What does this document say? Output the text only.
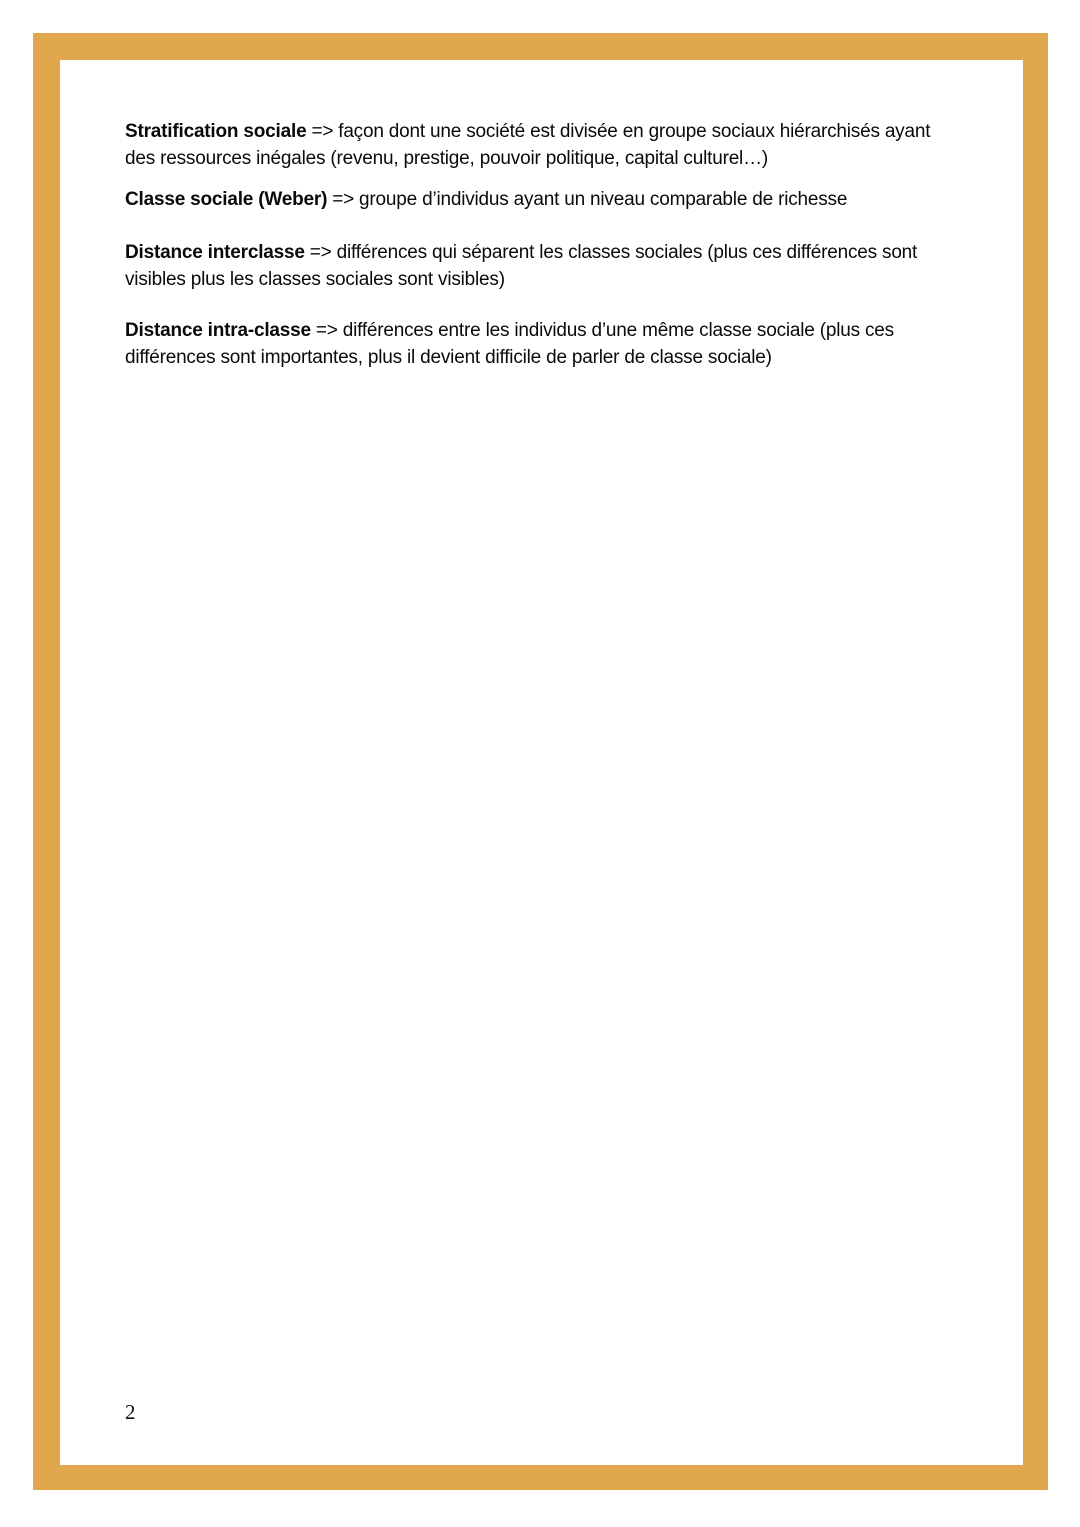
Stratification sociale => façon dont une société est divisée en groupe sociaux hiérarchisés ayant des ressources inégales (revenu, prestige, pouvoir politique, capital culturel…)

Classe sociale (Weber) => groupe d’individus ayant un niveau comparable de richesse

Distance interclasse => différences qui séparent les classes sociales (plus ces différences sont visibles plus les classes sociales sont visibles)

Distance intra-classe => différences entre les individus d’une même classe sociale (plus ces différences sont importantes, plus il devient difficile de parler de classe sociale)

2
